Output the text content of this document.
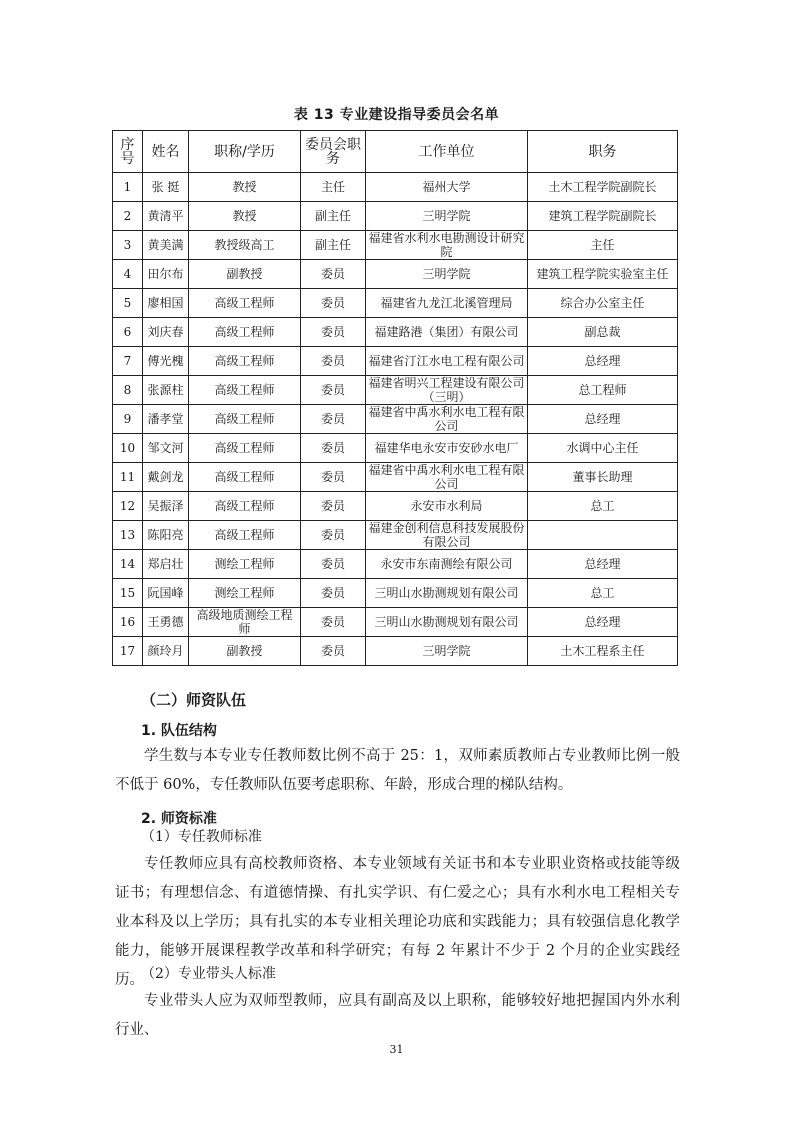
表 13 专业建设指导委员会名单
序号	姓名	职称/学历	委员会职务	工作单位	职务
1	张 挺	教授	主任	福州大学	土木工程学院副院长
2	黄清平	教授	副主任	三明学院	建筑工程学院副院长
3	黄美满	教授级高工	副主任	福建省水利水电勘测设计研究院	主任
4	田尔布	副教授	委员	三明学院	建筑工程学院实验室主任
5	廖相国	高级工程师	委员	福建省九龙江北溪管理局	综合办公室主任
6	刘庆春	高级工程师	委员	福建路港（集团）有限公司	副总裁
7	傅光槐	高级工程师	委员	福建省汀江水电工程有限公司	总经理
8	张源柱	高级工程师	委员	福建省明兴工程建设有限公司（三明）	总工程师
9	潘孝堂	高级工程师	委员	福建省中禹水利水电工程有限公司	总经理
10	邹文河	高级工程师	委员	福建华电永安市安砂水电厂	水调中心主任
11	戴剑龙	高级工程师	委员	福建省中禹水利水电工程有限公司	董事长助理
12	吴振泽	高级工程师	委员	永安市水利局	总工
13	陈阳亮	高级工程师	委员	福建金创利信息科技发展股份有限公司	
14	郑启壮	测绘工程师	委员	永安市东南测绘有限公司	总经理
15	阮国峰	测绘工程师	委员	三明山水勘测规划有限公司	总工
16	王勇德	高级地质测绘工程师	委员	三明山水勘测规划有限公司	总经理
17	颜玲月	副教授	委员	三明学院	土木工程系主任
（二）师资队伍
1. 队伍结构
学生数与本专业专任教师数比例不高于 25：1，双师素质教师占专业教师比例一般不低于 60%，专任教师队伍要考虑职称、年龄，形成合理的梯队结构。
2. 师资标准
（1）专任教师标准
专任教师应具有高校教师资格、本专业领域有关证书和本专业职业资格或技能等级证书；有理想信念、有道德情操、有扎实学识、有仁爱之心；具有水利水电工程相关专业本科及以上学历；具有扎实的本专业相关理论功底和实践能力；具有较强信息化教学能力，能够开展课程教学改革和科学研究；有每 2 年累计不少于 2 个月的企业实践经历。
（2）专业带头人标准
专业带头人应为双师型教师，应具有副高及以上职称，能够较好地把握国内外水利行业、
31
